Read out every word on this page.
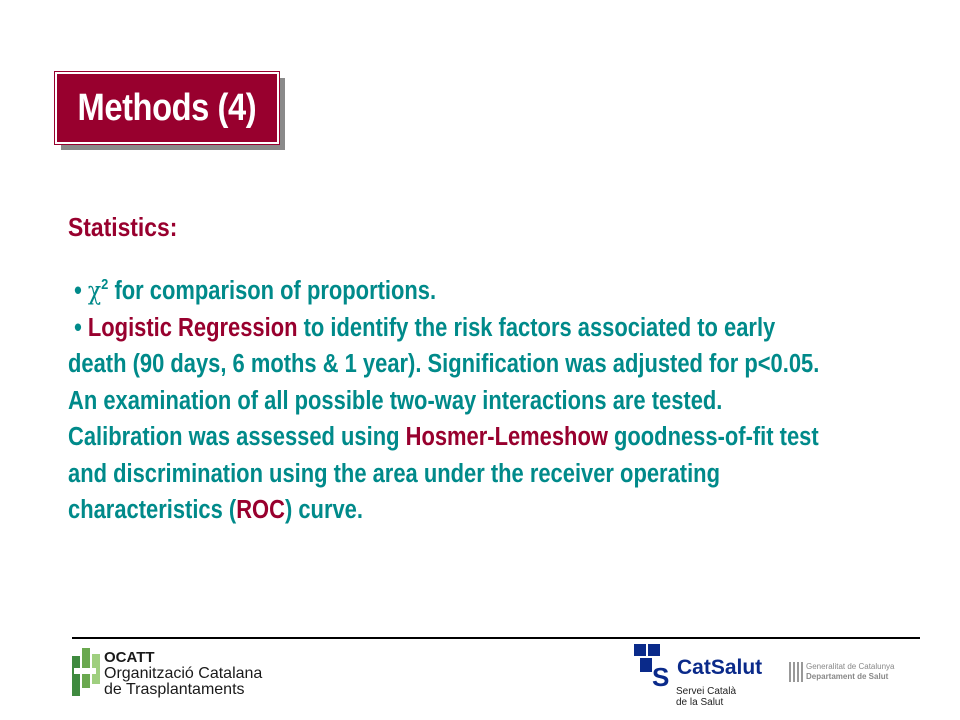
Methods (4)
Statistics:
• $\chi^2$ for comparison of proportions.
• Logistic Regression to identify the risk factors associated to early death (90 days, 6 moths & 1 year). Signification was adjusted for p<0.05. An examination of all possible two-way interactions are tested. Calibration was assessed using Hosmer-Lemeshow goodness-of-fit test and discrimination using the area under the receiver operating characteristics (ROC) curve.
OCATT
Organització Catalana
de Trasplantaments	S CatSalut
Servei Català
de la Salut
Generalitat de Catalunya
Departament de Salut
